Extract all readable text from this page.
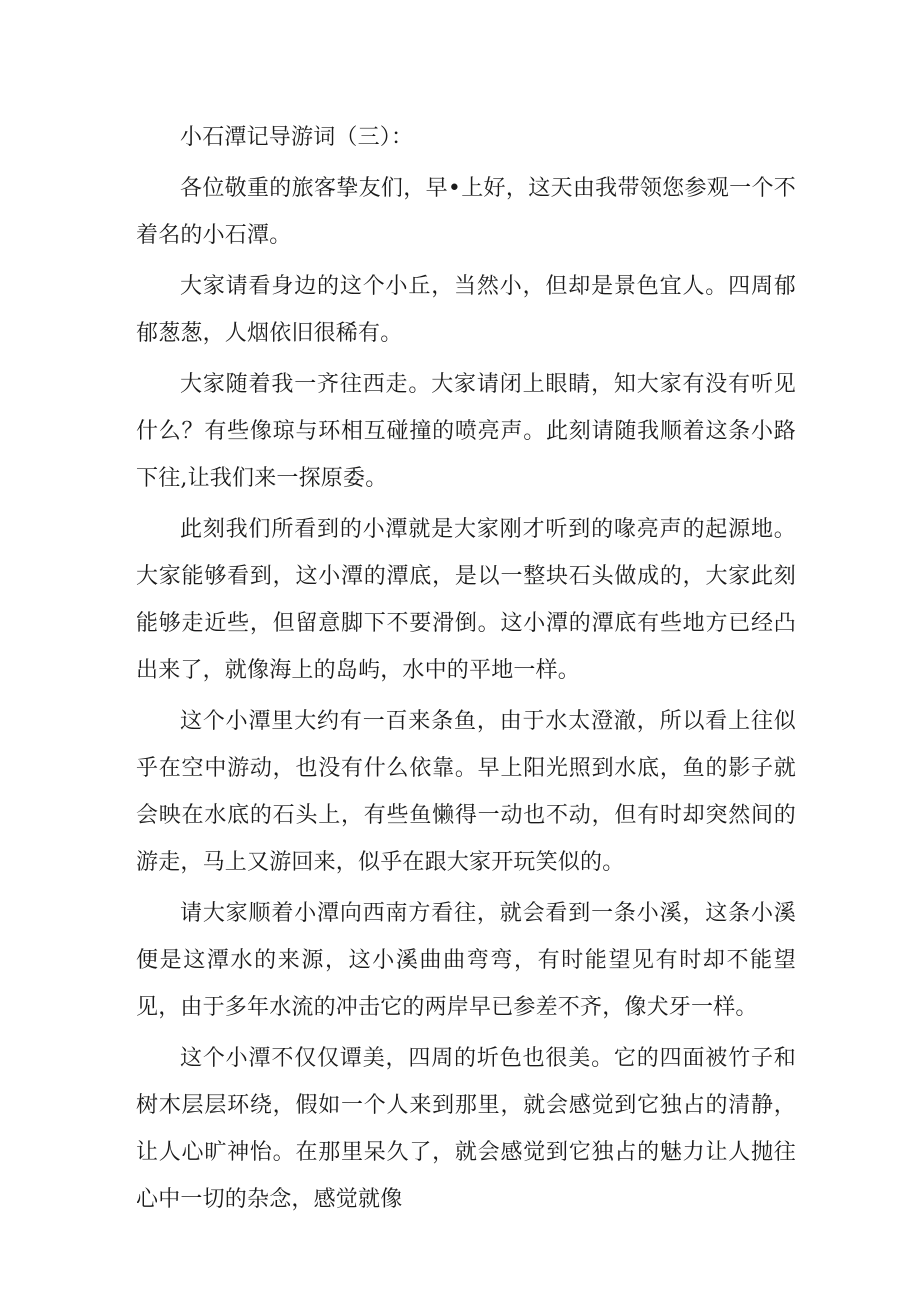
小石潭记导游词（三）：

各位敬重的旅客挚友们，早•上好，这天由我带领您参观一个不着名的小石潭。

大家请看身边的这个小丘，当然小，但却是景色宜人。四周郁郁葱葱，人烟依旧很稀有。

大家随着我一齐往西走。大家请闭上眼睛，知大家有没有听见什么？有些像琼与环相互碰撞的喷亮声。此刻请随我顺着这条小路下往,让我们来一探原委。

此刻我们所看到的小潭就是大家刚才听到的喙亮声的起源地。大家能够看到，这小潭的潭底，是以一整块石头做成的，大家此刻能够走近些，但留意脚下不要滑倒。这小潭的潭底有些地方已经凸出来了，就像海上的岛屿，水中的平地一样。

这个小潭里大约有一百来条鱼，由于水太澄澈，所以看上往似乎在空中游动，也没有什么依靠。早上阳光照到水底，鱼的影子就会映在水底的石头上，有些鱼懒得一动也不动，但有时却突然间的游走，马上又游回来，似乎在跟大家开玩笑似的。

请大家顺着小潭向西南方看往，就会看到一条小溪，这条小溪便是这潭水的来源，这小溪曲曲弯弯，有时能望见有时却不能望见，由于多年水流的冲击它的两岸早已参差不齐，像犬牙一样。

这个小潭不仅仅谭美，四周的圻色也很美。它的四面被竹子和树木层层环绕，假如一个人来到那里，就会感觉到它独占的清静，让人心旷神怡。在那里呆久了，就会感觉到它独占的魅力让人抛往心中一切的杂念，感觉就像
